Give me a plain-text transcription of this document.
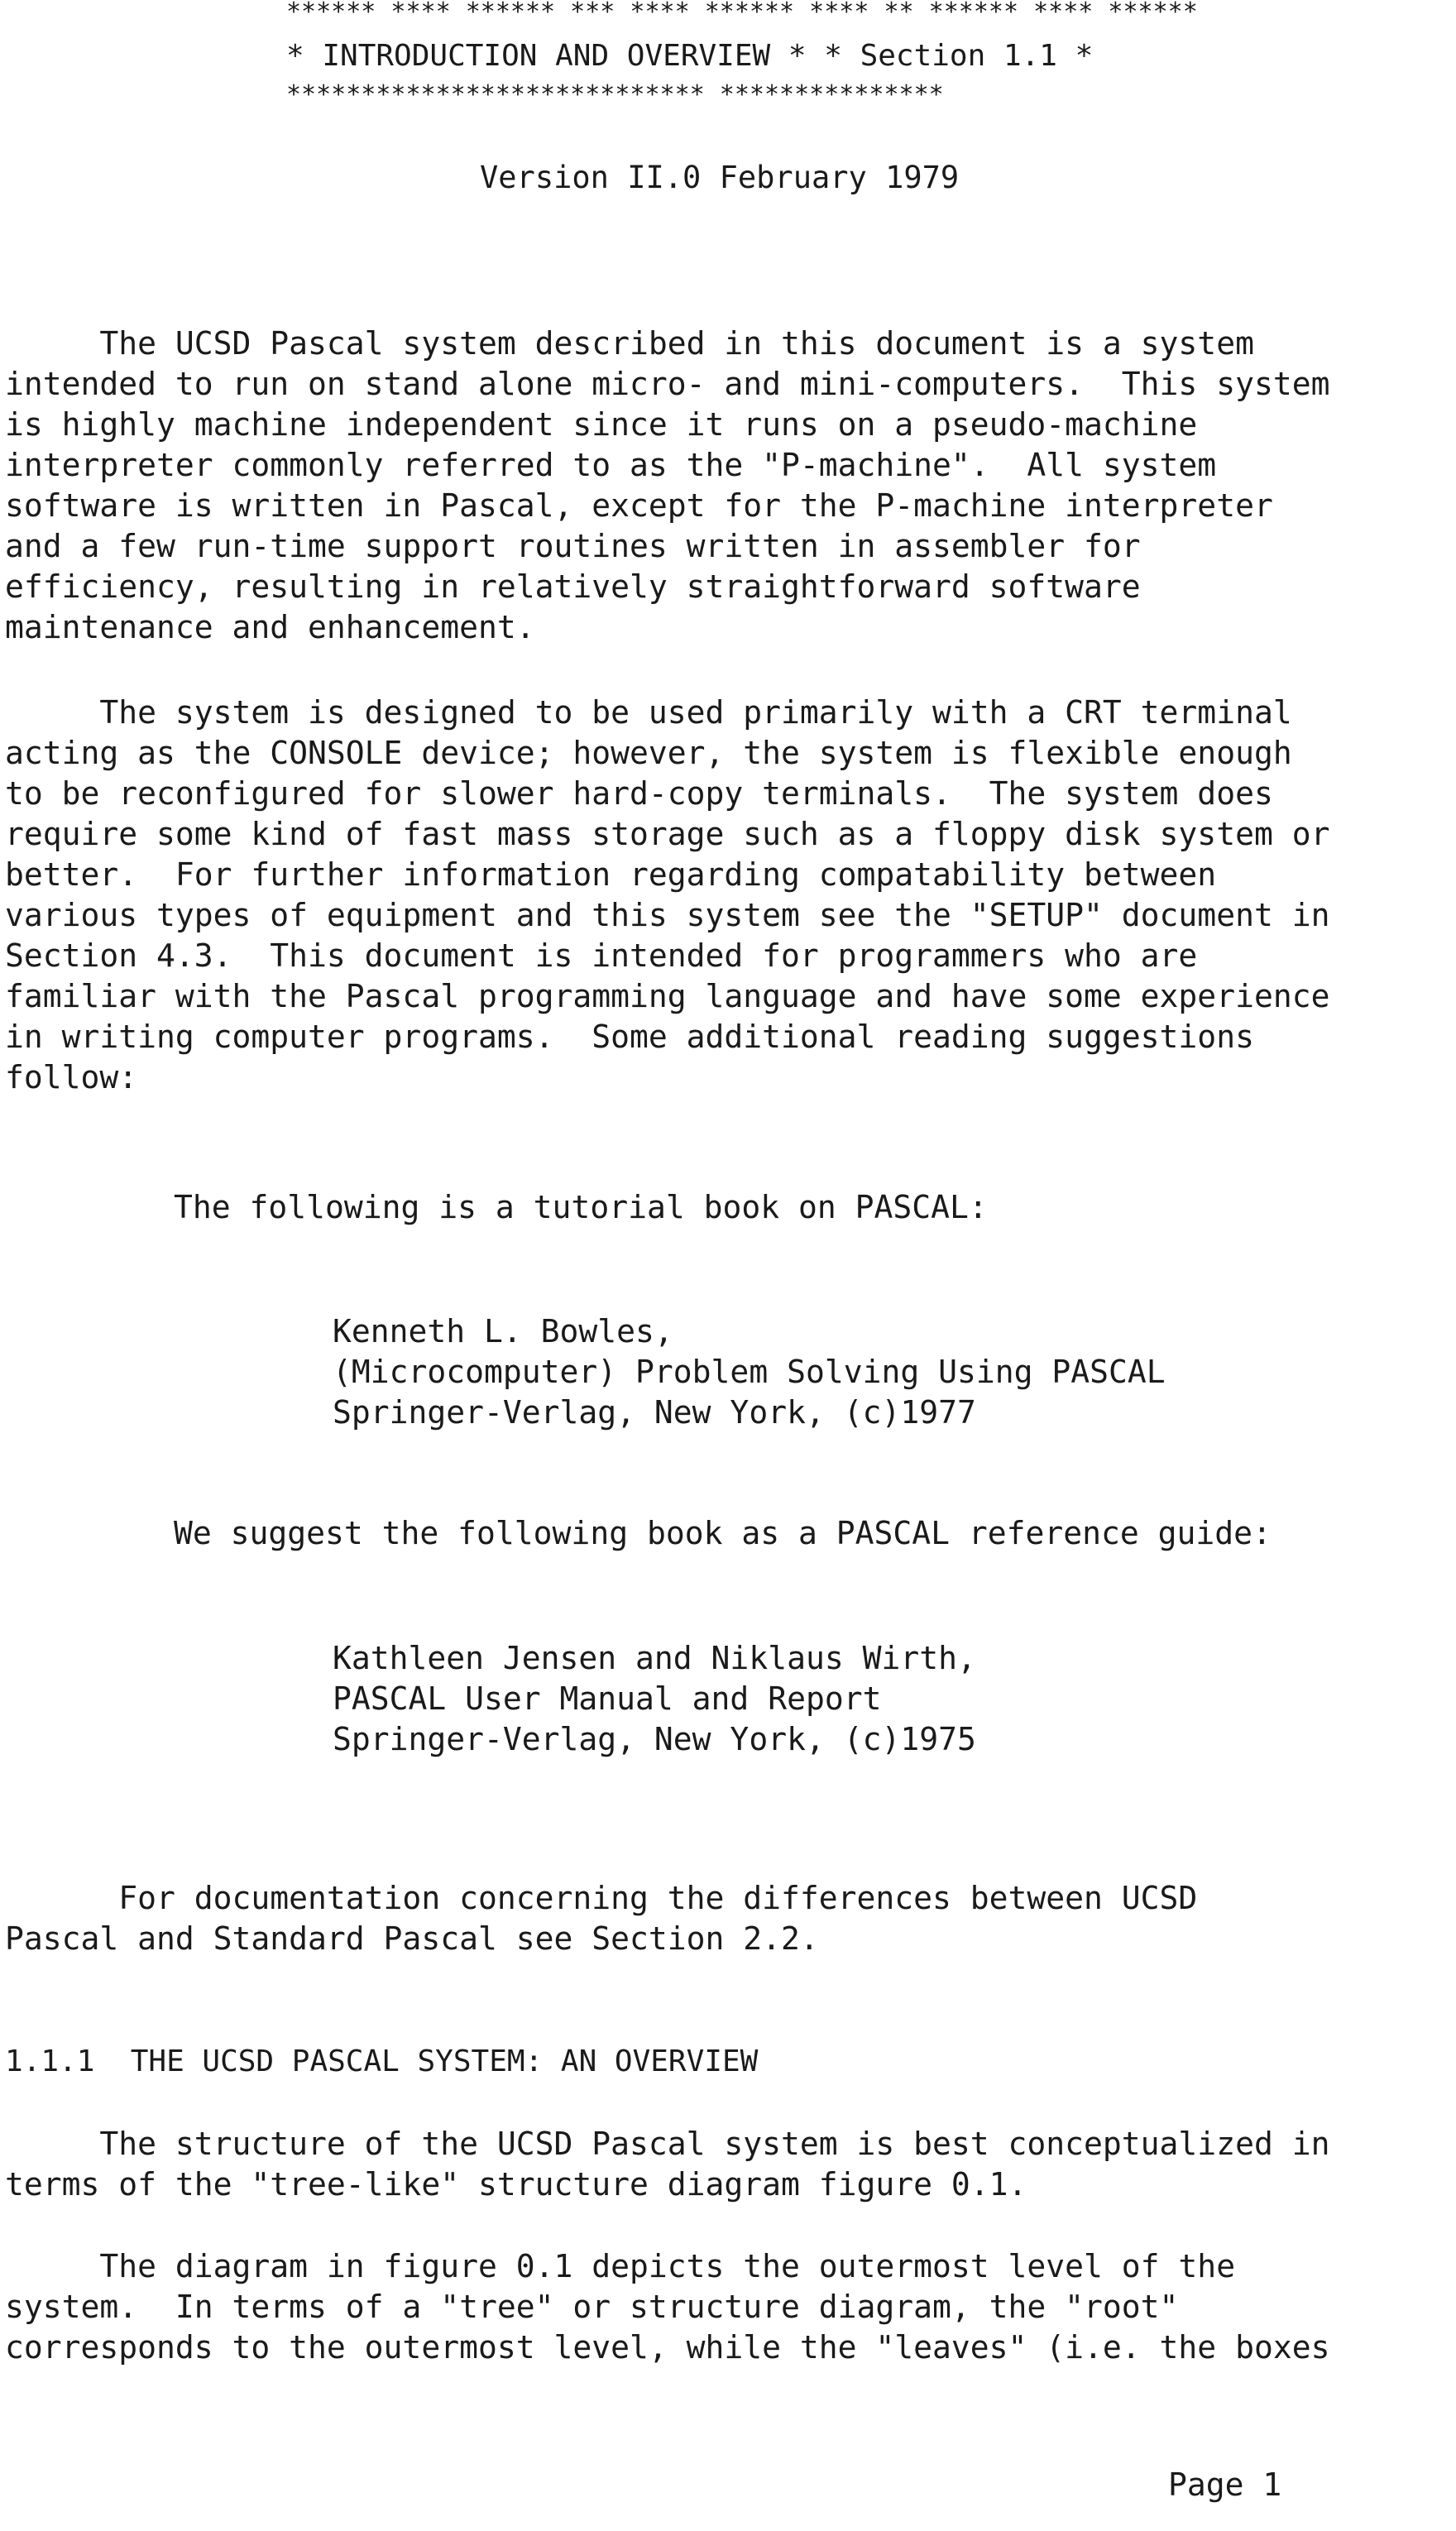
****** **** ****** *** **** ****** **** ** ****** **** ******

* INTRODUCTION AND OVERVIEW * * Section 1.1 *

**************************** ***************

Version II.0 February 1979

The UCSD Pascal system described in this document is a system

intended to run on stand alone micro- and mini-computers.  This system

is highly machine independent since it runs on a pseudo-machine

interpreter commonly referred to as the "P-machine".  All system

software is written in Pascal, except for the P-machine interpreter

and a few run-time support routines written in assembler for

efficiency, resulting in relatively straightforward software

maintenance and enhancement.

The system is designed to be used primarily with a CRT terminal

acting as the CONSOLE device; however, the system is flexible enough

to be reconfigured for slower hard-copy terminals.  The system does

require some kind of fast mass storage such as a floppy disk system or

better.  For further information regarding compatability between

various types of equipment and this system see the "SETUP" document in

Section 4.3.  This document is intended for programmers who are

familiar with the Pascal programming language and have some experience

in writing computer programs.  Some additional reading suggestions

follow:

The following is a tutorial book on PASCAL:

Kenneth L. Bowles,

(Microcomputer) Problem Solving Using PASCAL

Springer-Verlag, New York, (c)1977

We suggest the following book as a PASCAL reference guide:

Kathleen Jensen and Niklaus Wirth,

PASCAL User Manual and Report

Springer-Verlag, New York, (c)1975

For documentation concerning the differences between UCSD

Pascal and Standard Pascal see Section 2.2.

1.1.1  THE UCSD PASCAL SYSTEM: AN OVERVIEW

The structure of the UCSD Pascal system is best conceptualized in

terms of the "tree-like" structure diagram figure 0.1.

The diagram in figure 0.1 depicts the outermost level of the

system.  In terms of a "tree" or structure diagram, the "root"

corresponds to the outermost level, while the "leaves" (i.e. the boxes

Page 1
